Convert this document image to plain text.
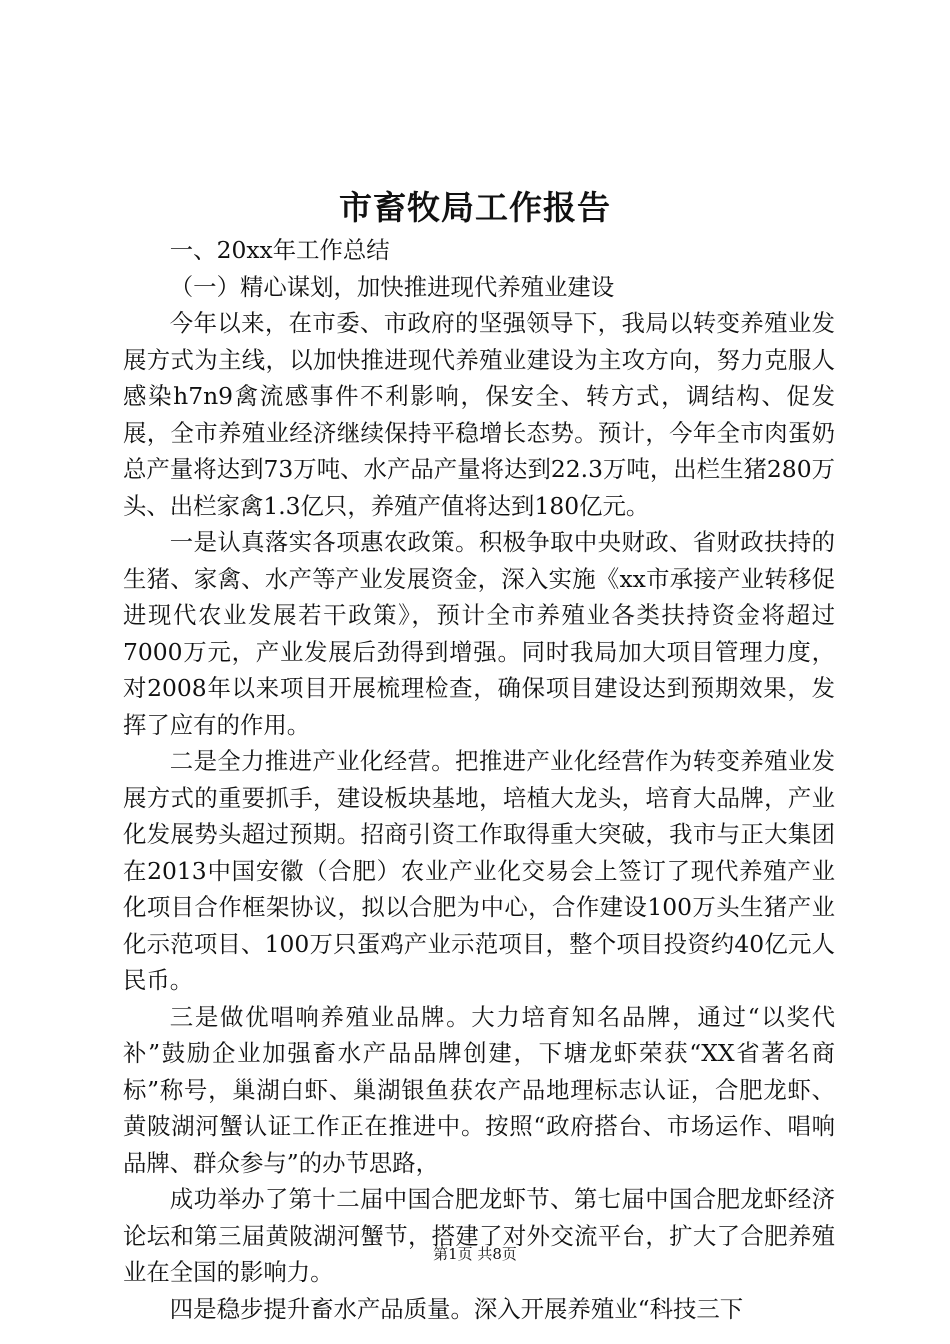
市畜牧局工作报告

一、20xx年工作总结

（一）精心谋划，加快推进现代养殖业建设

今年以来，在市委、市政府的坚强领导下，我局以转变养殖业发展方式为主线，以加快推进现代养殖业建设为主攻方向，努力克服人感染h7n9禽流感事件不利影响，保安全、转方式，调结构、促发展，全市养殖业经济继续保持平稳增长态势。预计，今年全市肉蛋奶总产量将达到73万吨、水产品产量将达到22.3万吨，出栏生猪280万头、出栏家禽1.3亿只，养殖产值将达到180亿元。

一是认真落实各项惠农政策。积极争取中央财政、省财政扶持的生猪、家禽、水产等产业发展资金，深入实施《xx市承接产业转移促进现代农业发展若干政策》，预计全市养殖业各类扶持资金将超过7000万元，产业发展后劲得到增强。同时我局加大项目管理力度，对2008年以来项目开展梳理检查，确保项目建设达到预期效果，发挥了应有的作用。

二是全力推进产业化经营。把推进产业化经营作为转变养殖业发展方式的重要抓手，建设板块基地，培植大龙头，培育大品牌，产业化发展势头超过预期。招商引资工作取得重大突破，我市与正大集团在2013中国安徽（合肥）农业产业化交易会上签订了现代养殖产业化项目合作框架协议，拟以合肥为中心，合作建设100万头生猪产业化示范项目、100万只蛋鸡产业示范项目，整个项目投资约40亿元人民币。

三是做优唱响养殖业品牌。大力培育知名品牌，通过“以奖代补”鼓励企业加强畜水产品品牌创建，下塘龙虾荣获“XX省著名商标”称号，巢湖白虾、巢湖银鱼获农产品地理标志认证，合肥龙虾、黄陂湖河蟹认证工作正在推进中。按照“政府搭台、市场运作、唱响品牌、群众参与”的办节思路，

成功举办了第十二届中国合肥龙虾节、第七届中国合肥龙虾经济论坛和第三届黄陂湖河蟹节，搭建了对外交流平台，扩大了合肥养殖业在全国的影响力。

四是稳步提升畜水产品质量。深入开展养殖业“科技三下

第1页 共8页
